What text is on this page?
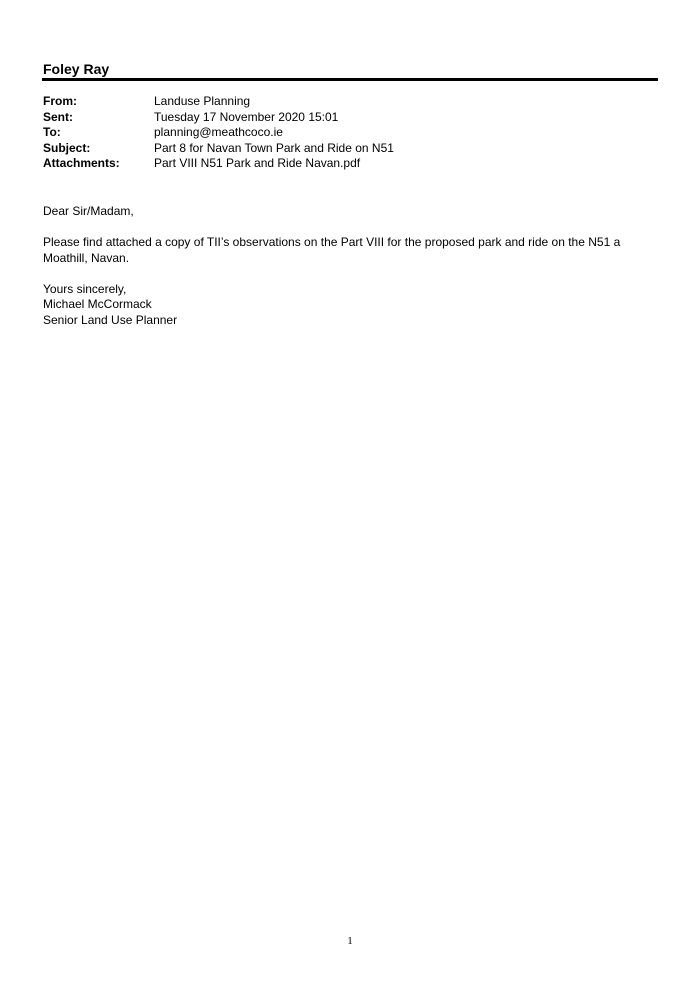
Foley Ray
From:	Landuse Planning
Sent:	Tuesday 17 November 2020 15:01
To:	planning@meathcoco.ie
Subject:	Part 8 for Navan Town Park and Ride on N51
Attachments:	Part VIII N51 Park and Ride Navan.pdf

Dear Sir/Madam,

Please find attached a copy of TII’s observations on the Part VIII for the proposed park and ride on the N51 a
Moathill, Navan.

Yours sincerely,
Michael McCormack
Senior Land Use Planner

1
